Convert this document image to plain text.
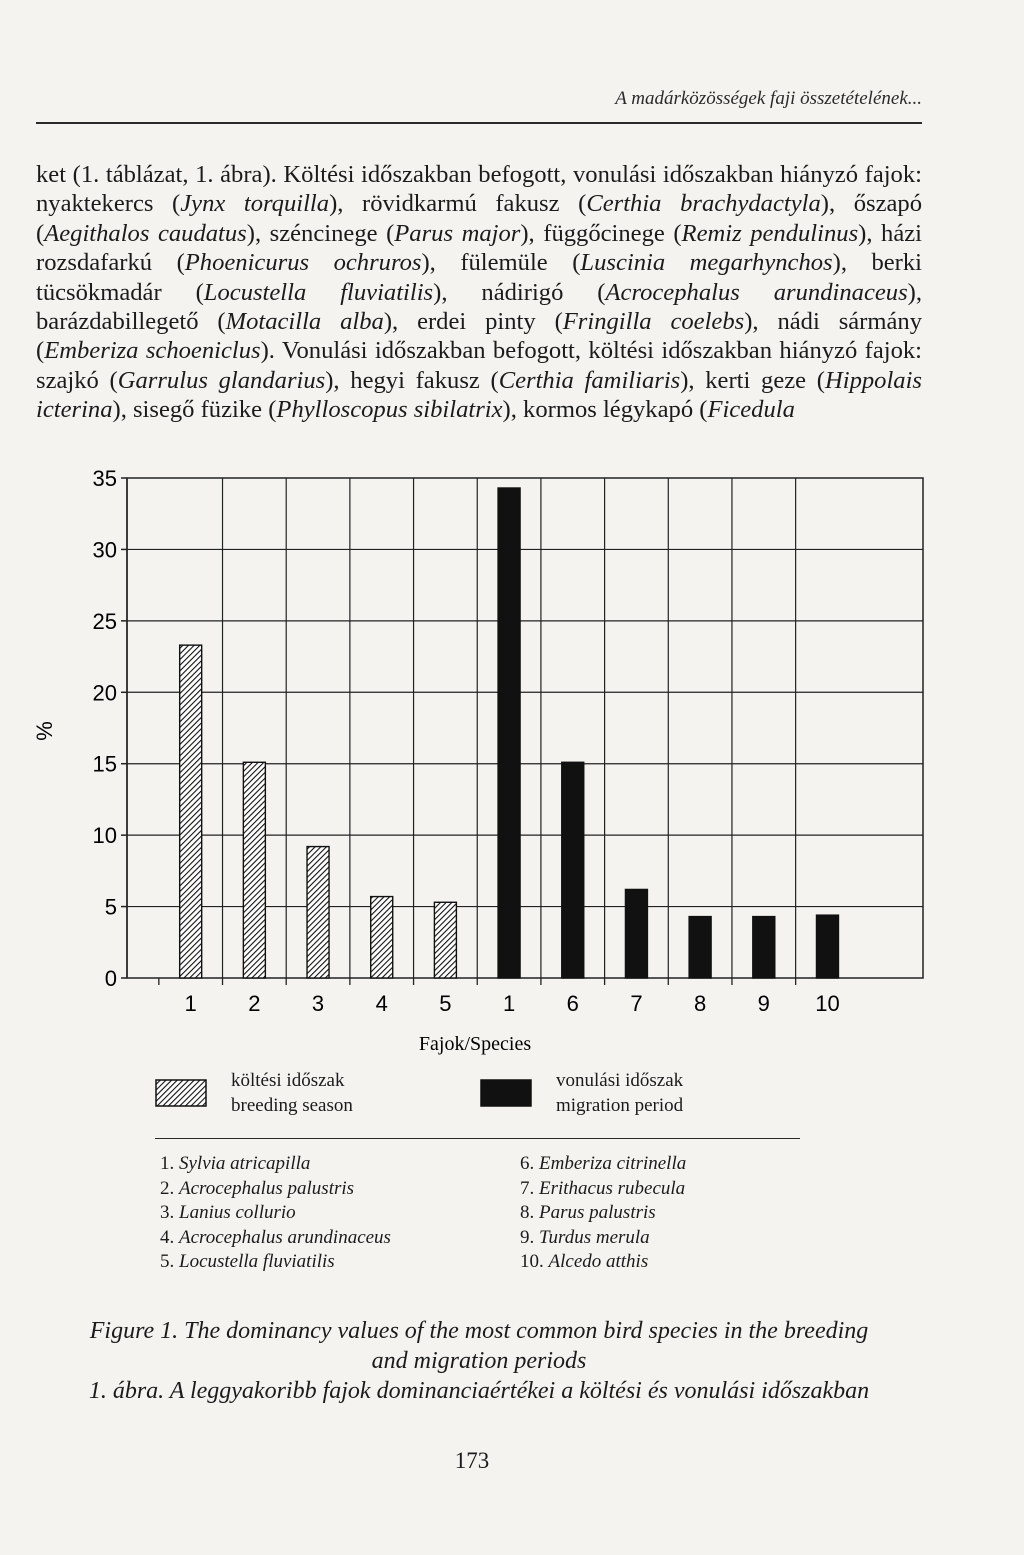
A madárközösségek faji összetételének...

ket (1. táblázat, 1. ábra). Költési időszakban befogott, vonulási időszakban hiányzó fajok: nyaktekercs (Jynx torquilla), rövidkarmú fakusz (Certhia brachydactyla), őszapó (Aegithalos caudatus), széncinege (Parus major), függőcinege (Remiz pendulinus), házi rozsdafarkú (Phoenicurus ochruros), fülemüle (Luscinia megarhynchos), berki tücsökmadár (Locustella fluviatilis), nádirigó (Acrocephalus arundinaceus), barázdabillegető (Motacilla alba), erdei pinty (Fringilla coelebs), nádi sármány (Emberiza schoeniclus). Vonulási időszakban befogott, költési időszakban hiányzó fajok: szajkó (Garrulus glandarius), hegyi fakusz (Certhia familiaris), kerti geze (Hippolais icterina), sisegő füzike (Phylloscopus sibilatrix), kormos légykapó (Ficedula

0
5
10
15
20
25
30
35
1 2 3 4 5 1 6 7 8 9 10
%
Fajok/Species
költési időszak
breeding season
vonulási időszak
migration period
1. Sylvia atricapilla
2. Acrocephalus palustris
3. Lanius collurio
4. Acrocephalus arundinaceus
5. Locustella fluviatilis
6. Emberiza citrinella
7. Erithacus rubecula
8. Parus palustris
9. Turdus merula
10. Alcedo atthis
Figure 1. The dominancy values of the most common bird species in the breeding
and migration periods
1. ábra. A leggyakoribb fajok dominanciaértékei a költési és vonulási időszakban
173
